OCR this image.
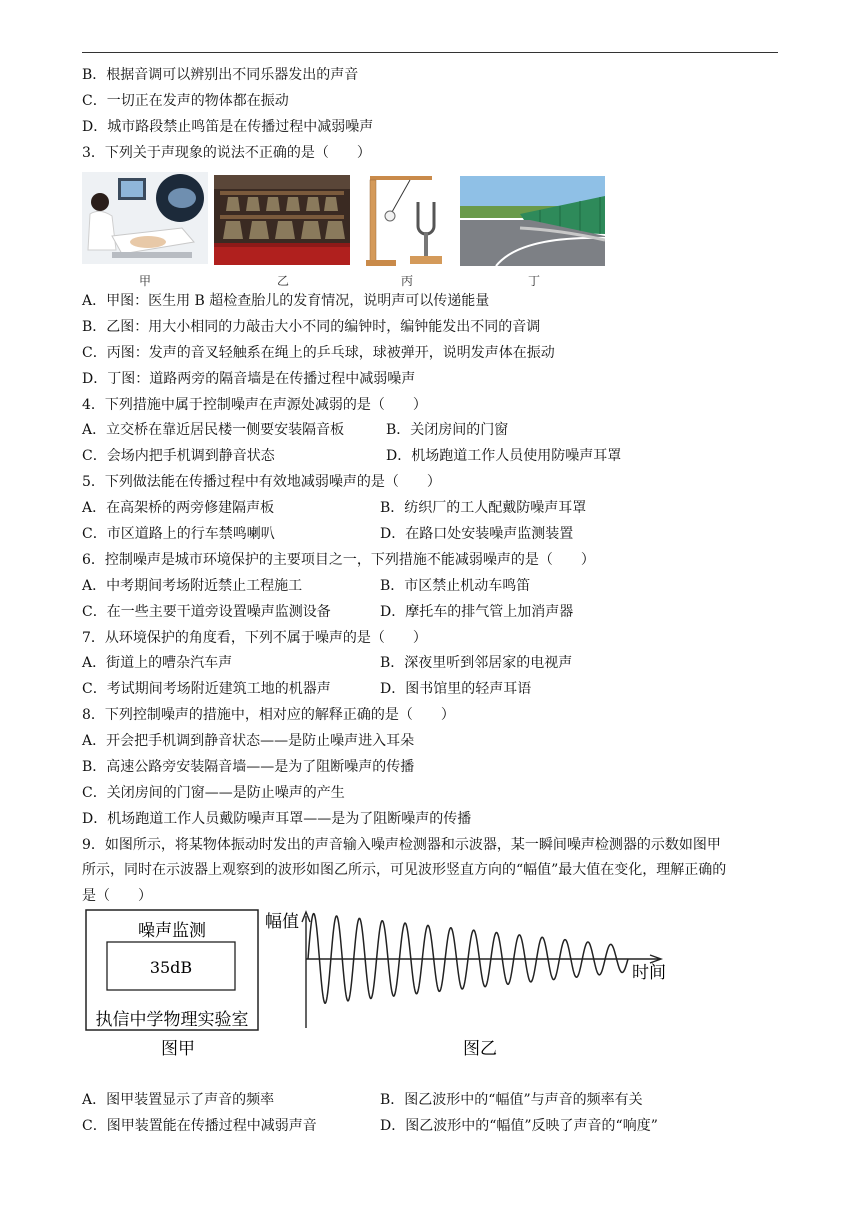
B．根据音调可以辨别出不同乐器发出的声音
C．一切正在发声的物体都在振动
D．城市路段禁止鸣笛是在传播过程中减弱噪声
3．下列关于声现象的说法不正确的是（　　）
甲	乙	丙	丁
A．甲图：医生用 B 超检查胎儿的发育情况，说明声可以传递能量
B．乙图：用大小相同的力敲击大小不同的编钟时，编钟能发出不同的音调
C．丙图：发声的音叉轻触系在绳上的乒乓球，球被弹开，说明发声体在振动
D．丁图：道路两旁的隔音墙是在传播过程中减弱噪声
4．下列措施中属于控制噪声在声源处减弱的是（　　）
A．立交桥在靠近居民楼一侧要安装隔音板	B．关闭房间的门窗
C．会场内把手机调到静音状态	D．机场跑道工作人员使用防噪声耳罩
5．下列做法能在传播过程中有效地减弱噪声的是（　　）
A．在高架桥的两旁修建隔声板	B．纺织厂的工人配戴防噪声耳罩
C．市区道路上的行车禁鸣喇叭	D．在路口处安装噪声监测装置
6．控制噪声是城市环境保护的主要项目之一，下列措施不能减弱噪声的是（　　）
A．中考期间考场附近禁止工程施工	B．市区禁止机动车鸣笛
C．在一些主要干道旁设置噪声监测设备	D．摩托车的排气管上加消声器
7．从环境保护的角度看，下列不属于噪声的是（　　）
A．街道上的嘈杂汽车声	B．深夜里听到邻居家的电视声
C．考试期间考场附近建筑工地的机器声	D．图书馆里的轻声耳语
8．下列控制噪声的措施中，相对应的解释正确的是（　　）
A．开会把手机调到静音状态——是防止噪声进入耳朵
B．高速公路旁安装隔音墙——是为了阻断噪声的传播
C．关闭房间的门窗——是防止噪声的产生
D．机场跑道工作人员戴防噪声耳罩——是为了阻断噪声的传播
9．如图所示，将某物体振动时发出的声音输入噪声检测器和示波器，某一瞬间噪声检测器的示数如图甲
所示，同时在示波器上观察到的波形如图乙所示，可见波形竖直方向的“幅值”最大值在变化，理解正确的
是（　　）
噪声监测
35dB
执信中学物理实验室
图甲
幅值
时间
图乙
A．图甲装置显示了声音的频率	B．图乙波形中的“幅值”与声音的频率有关
C．图甲装置能在传播过程中减弱声音	D．图乙波形中的“幅值”反映了声音的“响度”
